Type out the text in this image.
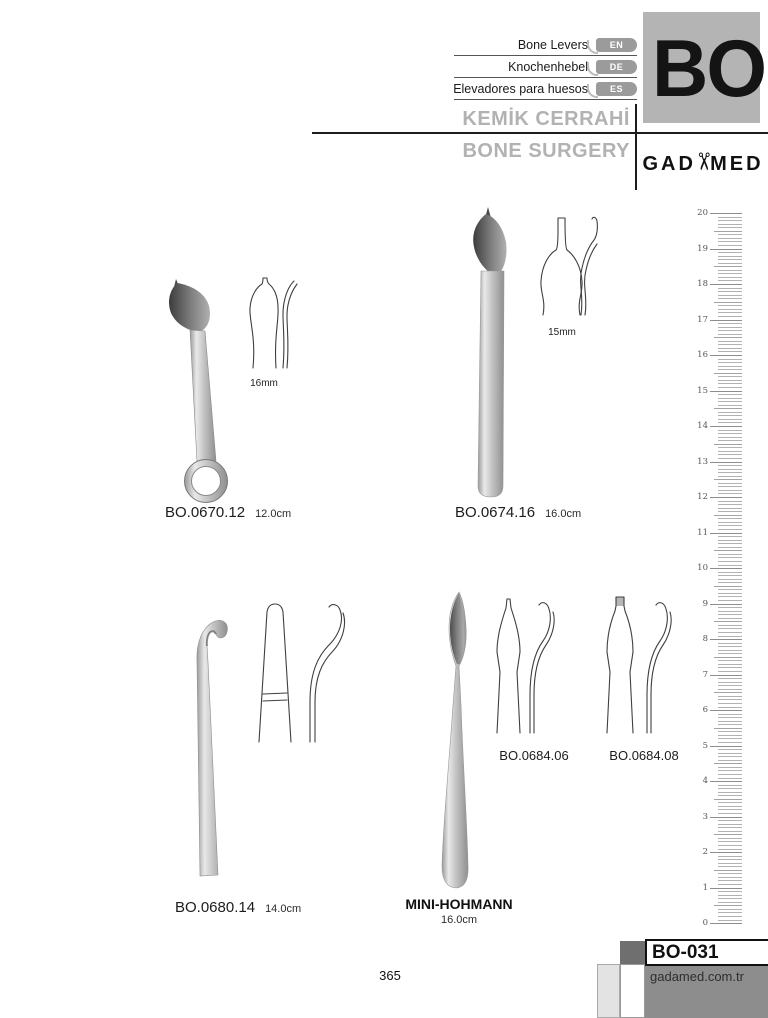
Bone Levers	EN
Knochenhebel	DE
Elevadores para huesos	ES BO
KEMİK CERRAHİ
BONE SURGERY
GAD
✂
MED
16mm
15mm
BO.0670.12 12.0cm	BO.0674.16 16.0cm
BO.0680.14 14.0cm
BO.0684.06	BO.0684.08
MINI-HOHMANN
16.0cm
20
19
18
17
16
15
14
13
12
11
10
9
8
7
6
5
4
3
2
1
0
BO-031
gadamed.com.tr
365
